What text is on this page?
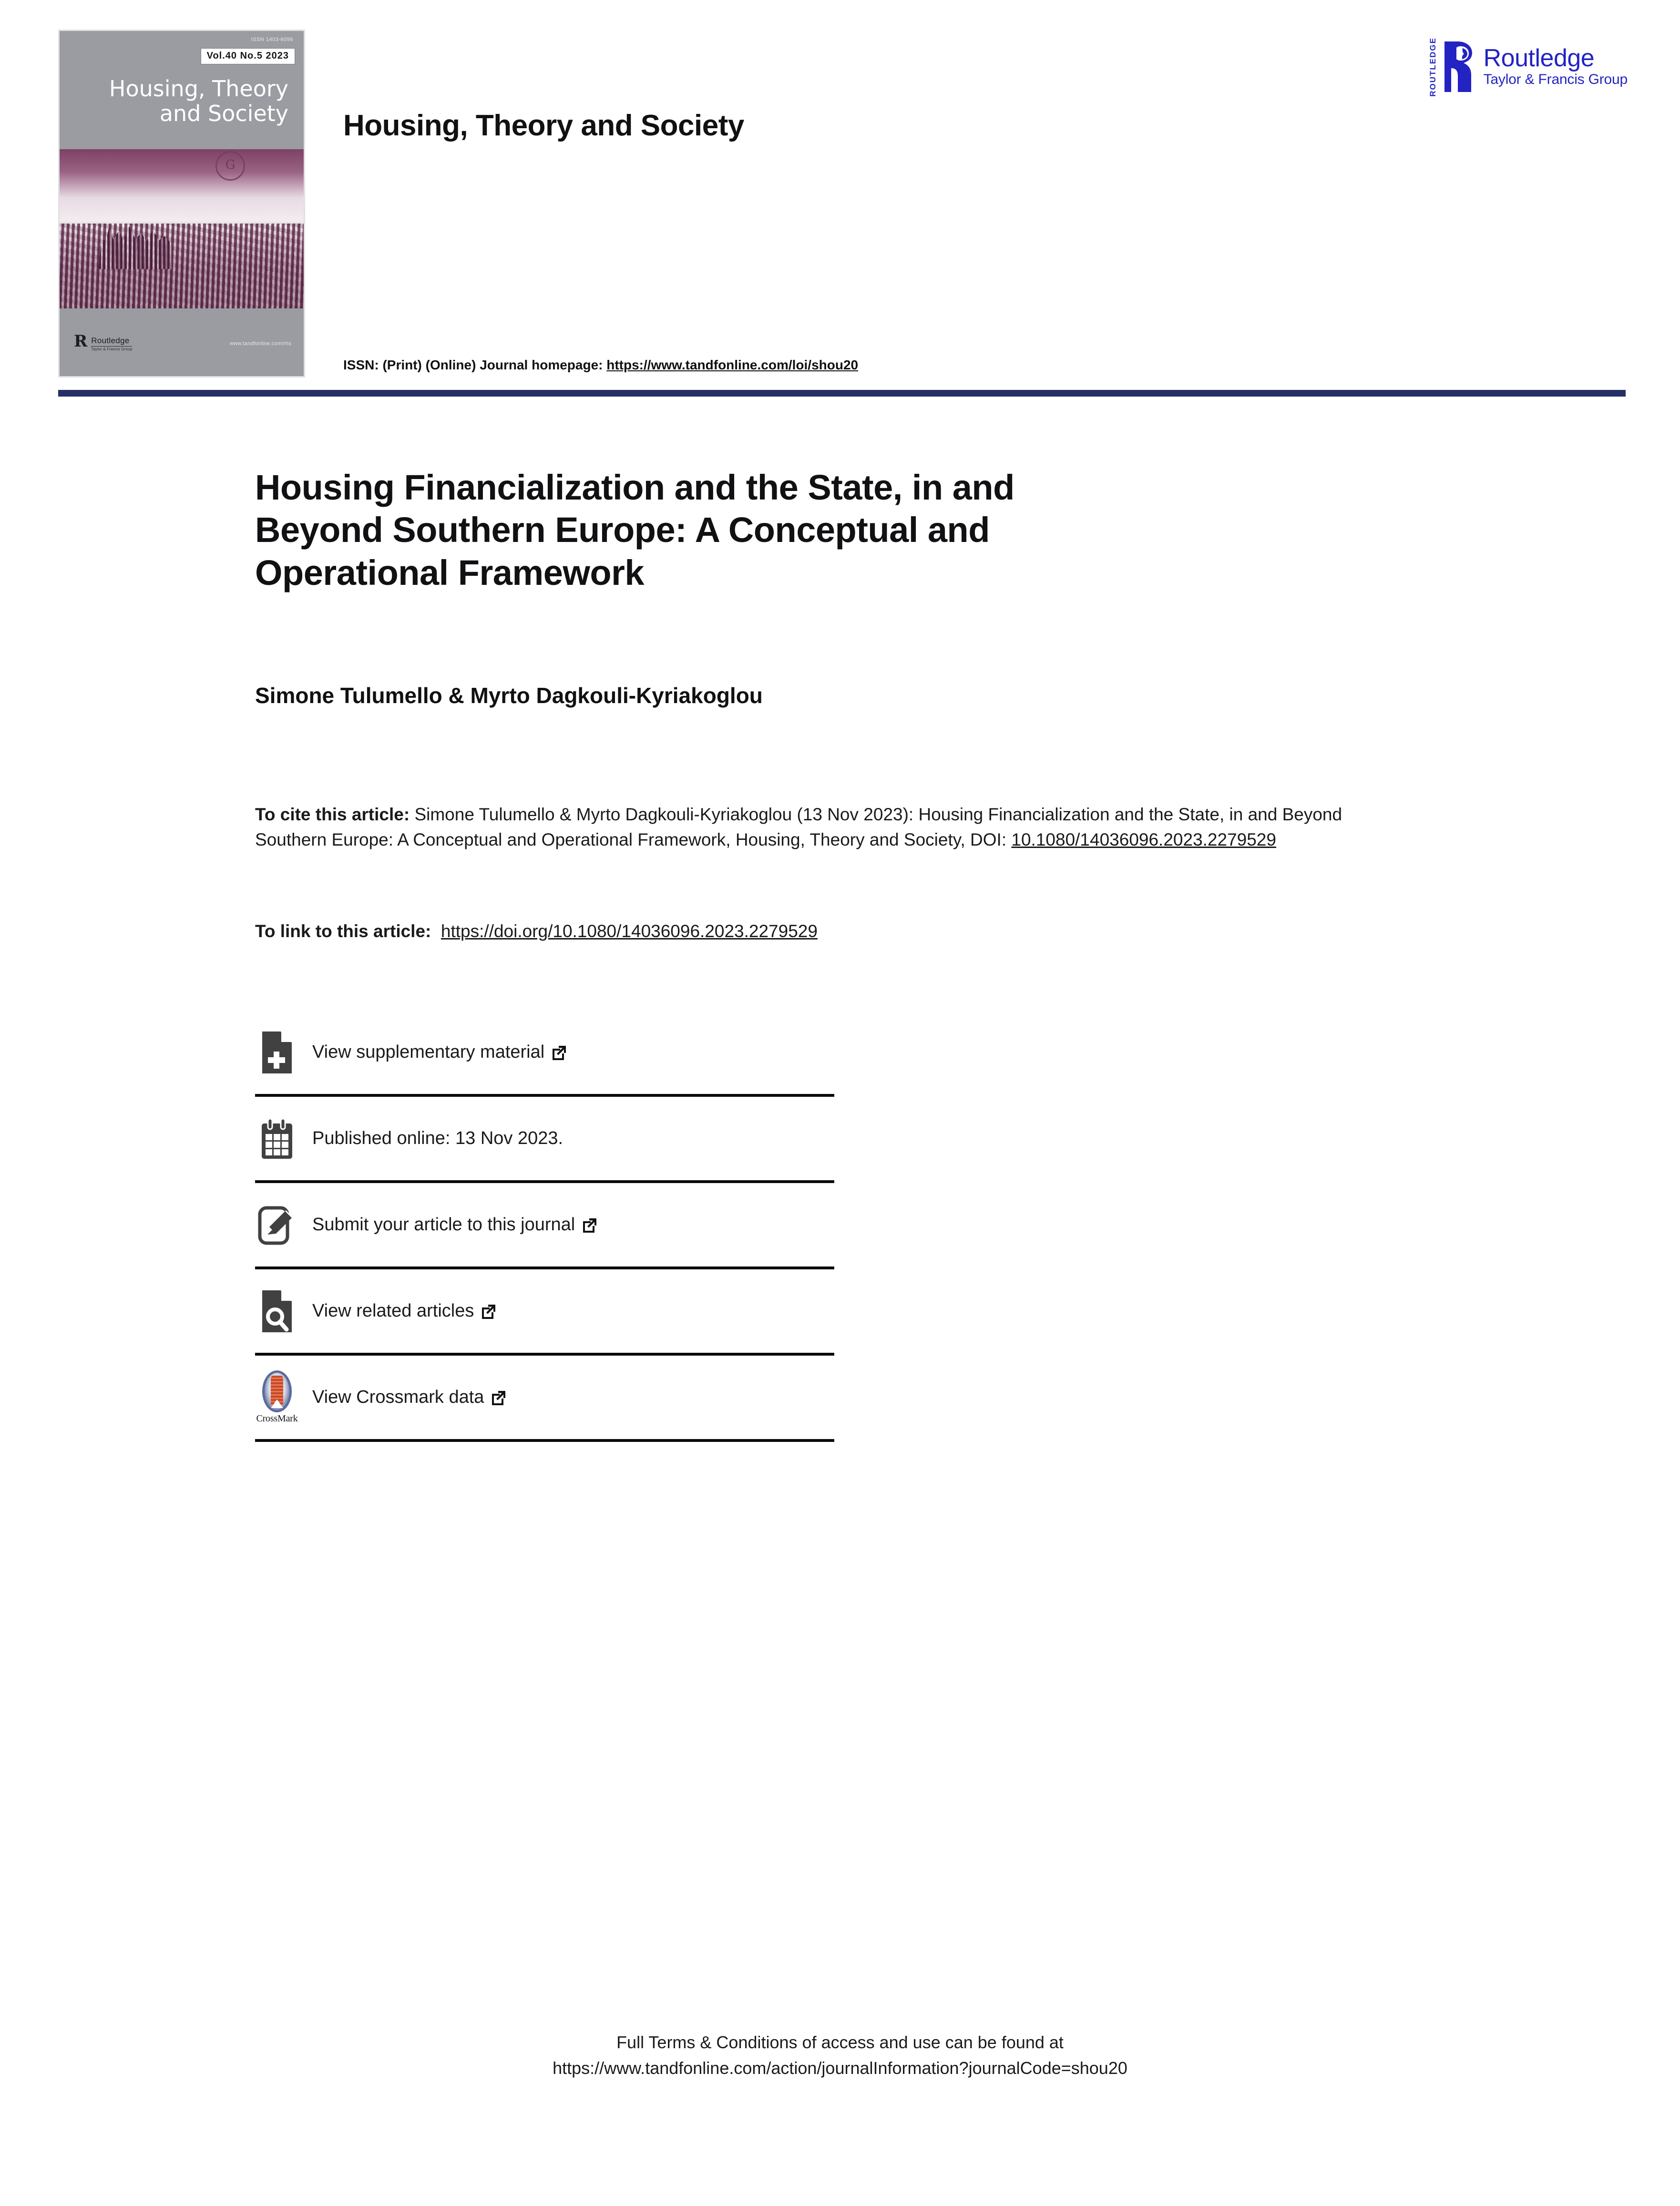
ISSN 1403-6096
Vol.40 No.5 2023
Housing, Theory
and Society
G
R Routledge
Taylor & Francis Group
www.tandfonline.com/rhs
Housing, Theory and Society
ROUTLEDGE Routledge
Taylor & Francis Group
ISSN: (Print) (Online) Journal homepage: https://www.tandfonline.com/loi/shou20
Housing Financialization and the State, in and
Beyond Southern Europe: A Conceptual and
Operational Framework
Simone Tulumello & Myrto Dagkouli-Kyriakoglou

To cite this article: Simone Tulumello & Myrto Dagkouli-Kyriakoglou (13 Nov 2023): Housing Financialization and the State, in and Beyond Southern Europe: A Conceptual and Operational Framework, Housing, Theory and Society, DOI: 10.1080/14036096.2023.2279529

To link to this article: https://doi.org/10.1080/14036096.2023.2279529

View supplementary material
Published online: 13 Nov 2023.
Submit your article to this journal
View related articles
CrossMark
View Crossmark data
Full Terms & Conditions of access and use can be found at
https://www.tandfonline.com/action/journalInformation?journalCode=shou20
